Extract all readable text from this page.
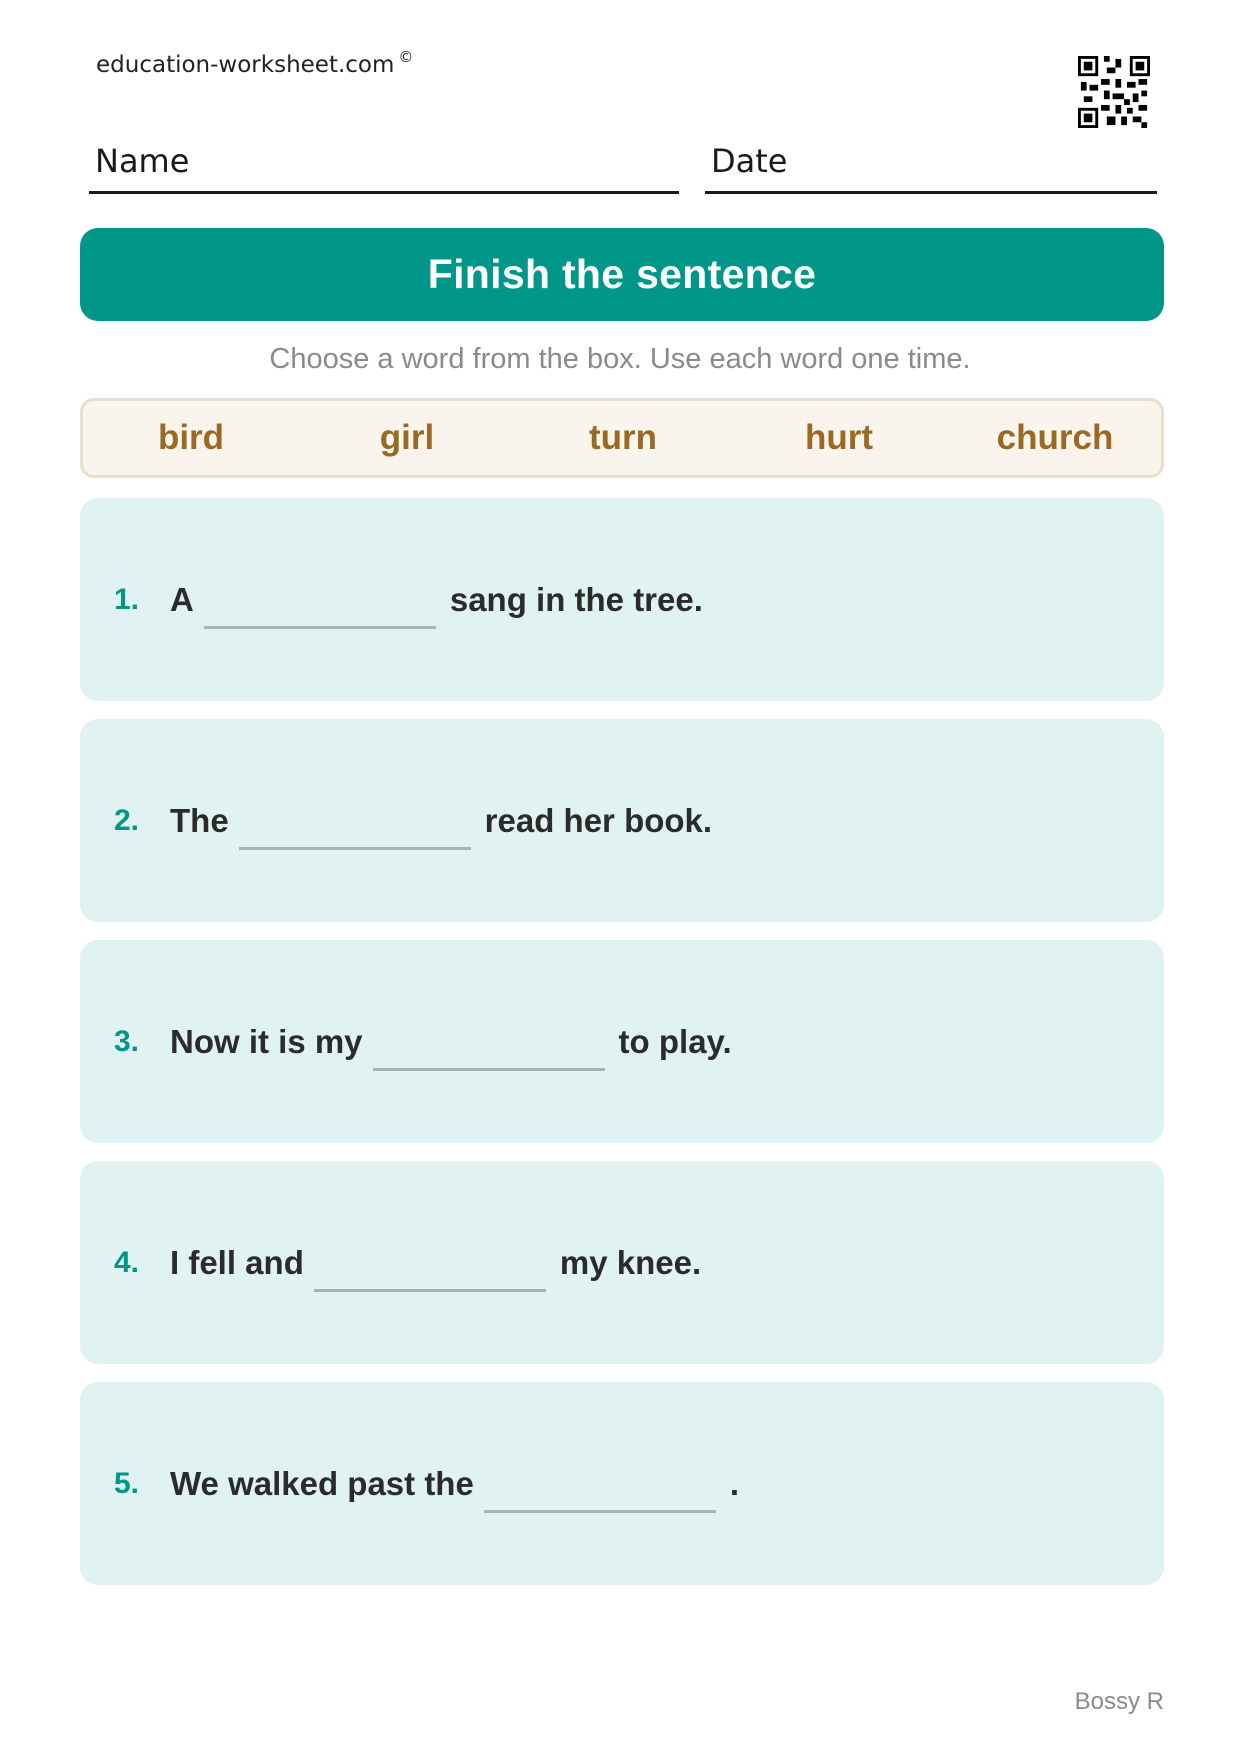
education-worksheet.com ©
Name	Date
Finish the sentence
Choose a word from the box. Use each word one time.
bird	girl	turn	hurt	church
1. A	sang in the tree.
2. The	read her book.
3. Now it is my	to play.
4. I fell and	my knee.
5. We walked past the	.
Bossy R
